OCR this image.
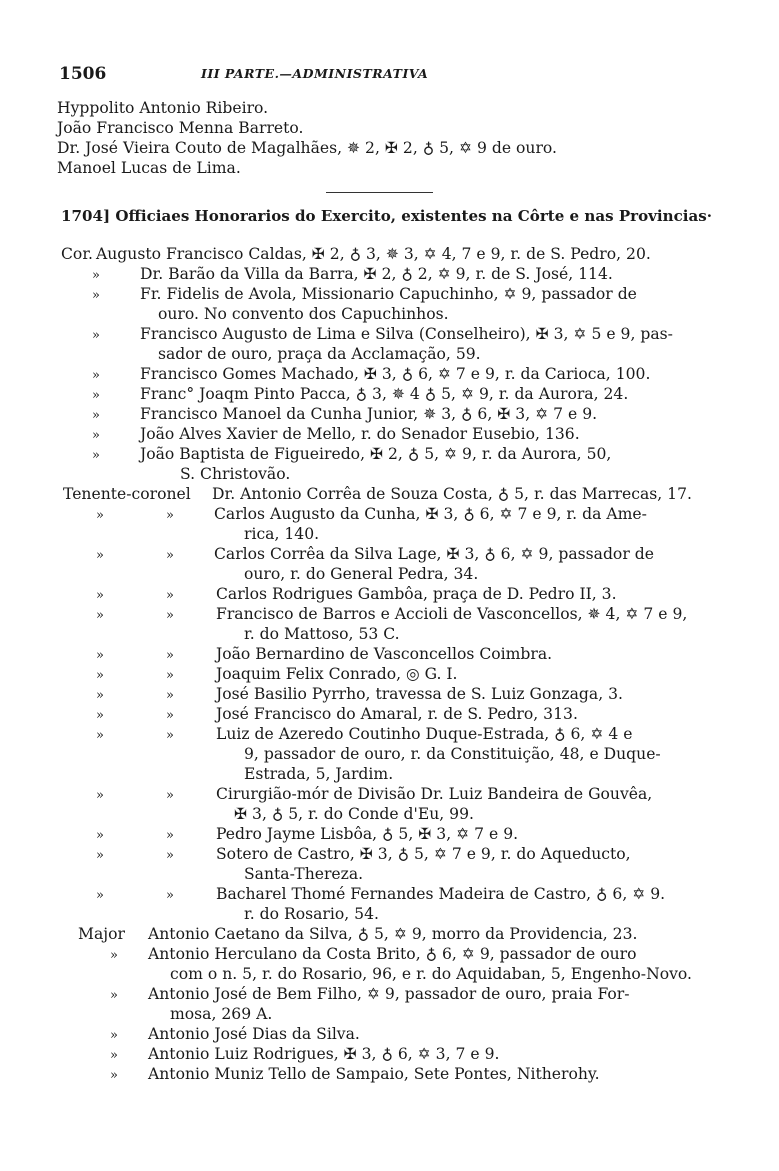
1506	III PARTE.—ADMINISTRATIVA
Hyppolito Antonio Ribeiro.
João Francisco Menna Barreto.
Dr. José Vieira Couto de Magalhães, ✵ 2, ✠ 2, ♁ 5, ✡ 9 de ouro.
Manoel Lucas de Lima.
1704] Officiaes Honorarios do Exercito, existentes na Côrte e nas Provincias·
Cor. Augusto Francisco Caldas, ✠ 2, ♁ 3, ✵ 3, ✡ 4, 7 e 9, r. de S. Pedro, 20.
»	Dr. Barão da Villa da Barra, ✠ 2, ♁ 2, ✡ 9, r. de S. José, 114.
»	Fr. Fidelis de Avola, Missionario Capuchinho, ✡ 9, passador de
ouro. No convento dos Capuchinhos.
»	Francisco Augusto de Lima e Silva (Conselheiro), ✠ 3, ✡ 5 e 9, pas-
sador de ouro, praça da Acclamação, 59.
»	Francisco Gomes Machado, ✠ 3, ♁ 6, ✡ 7 e 9, r. da Carioca, 100.
»	Franc° Joaqm Pinto Pacca, ♁ 3, ✵ 4 ♁ 5, ✡ 9, r. da Aurora, 24.
»	Francisco Manoel da Cunha Junior, ✵ 3, ♁ 6, ✠ 3, ✡ 7 e 9.
»	João Alves Xavier de Mello, r. do Senador Eusebio, 136.
»	João Baptista de Figueiredo, ✠ 2, ♁ 5, ✡ 9, r. da Aurora, 50,
S. Christovão.
Tenente-coronel Dr. Antonio Corrêa de Souza Costa, ♁ 5, r. das Marrecas, 17.
»	»	Carlos Augusto da Cunha, ✠ 3, ♁ 6, ✡ 7 e 9, r. da Ame-
rica, 140.
»	»	Carlos Corrêa da Silva Lage, ✠ 3, ♁ 6, ✡ 9, passador de
ouro, r. do General Pedra, 34.
»	»	Carlos Rodrigues Gambôa, praça de D. Pedro II, 3.
»	»	Francisco de Barros e Accioli de Vasconcellos, ✵ 4, ✡ 7 e 9,
r. do Mattoso, 53 C.
»	»	João Bernardino de Vasconcellos Coimbra.
»	»	Joaquim Felix Conrado, ◎ G. I.
»	»	José Basilio Pyrrho, travessa de S. Luiz Gonzaga, 3.
»	»	José Francisco do Amaral, r. de S. Pedro, 313.
»	»	Luiz de Azeredo Coutinho Duque-Estrada, ♁ 6, ✡ 4 e
9, passador de ouro, r. da Constituição, 48, e Duque-
Estrada, 5, Jardim.
»	»	Cirurgião-mór de Divisão Dr. Luiz Bandeira de Gouvêa,
✠ 3, ♁ 5, r. do Conde d'Eu, 99.
»	»	Pedro Jayme Lisbôa, ♁ 5, ✠ 3, ✡ 7 e 9.
»	»	Sotero de Castro, ✠ 3, ♁ 5, ✡ 7 e 9, r. do Aqueducto,
Santa-Thereza.
»	»	Bacharel Thomé Fernandes Madeira de Castro, ♁ 6, ✡ 9.
r. do Rosario, 54.
Major Antonio Caetano da Silva, ♁ 5, ✡ 9, morro da Providencia, 23.
» Antonio Herculano da Costa Brito, ♁ 6, ✡ 9, passador de ouro
com o n. 5, r. do Rosario, 96, e r. do Aquidaban, 5, Engenho-Novo.
» Antonio José de Bem Filho, ✡ 9, passador de ouro, praia For-
mosa, 269 A.
» Antonio José Dias da Silva.
» Antonio Luiz Rodrigues, ✠ 3, ♁ 6, ✡ 3, 7 e 9.
» Antonio Muniz Tello de Sampaio, Sete Pontes, Nitherohy.
